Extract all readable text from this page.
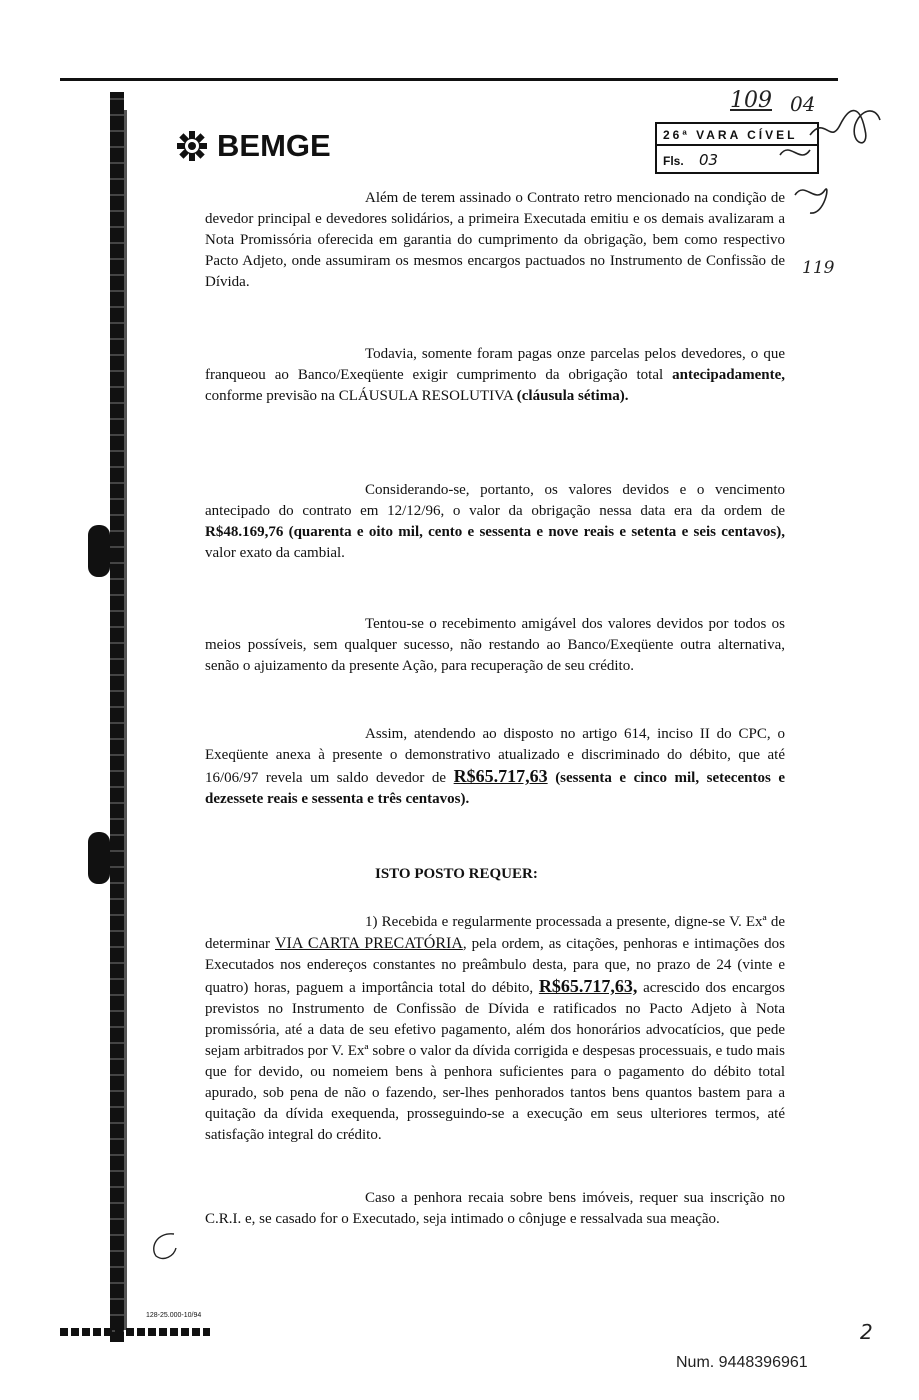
BEMGE	26ª VARA CÍVEL
Fls. 03
109 04
119
2
Além de terem assinado o Contrato retro mencionado na condição de devedor principal e devedores solidários, a primeira Executada emitiu e os demais avalizaram a Nota Promissória oferecida em garantia do cumprimento da obrigação, bem como respectivo Pacto Adjeto, onde assumiram os mesmos encargos pactuados no Instrumento de Confissão de Dívida.
Todavia, somente foram pagas onze parcelas pelos devedores, o que franqueou ao Banco/Exeqüente exigir cumprimento da obrigação total antecipadamente, conforme previsão na CLÁUSULA RESOLUTIVA (cláusula sétima).
Considerando-se, portanto, os valores devidos e o vencimento antecipado do contrato em 12/12/96, o valor da obrigação nessa data era da ordem de R$48.169,76 (quarenta e oito mil, cento e sessenta e nove reais e setenta e seis centavos), valor exato da cambial.
Tentou-se o recebimento amigável dos valores devidos por todos os meios possíveis, sem qualquer sucesso, não restando ao Banco/Exeqüente outra alternativa, senão o ajuizamento da presente Ação, para recuperação de seu crédito.
Assim, atendendo ao disposto no artigo 614, inciso II do CPC, o Exeqüente anexa à presente o demonstrativo atualizado e discriminado do débito, que até 16/06/97 revela um saldo devedor de R$65.717,63 (sessenta e cinco mil, setecentos e dezessete reais e sessenta e três centavos).
ISTO POSTO REQUER:
1) Recebida e regularmente processada a presente, digne-se V. Exª de determinar VIA CARTA PRECATÓRIA, pela ordem, as citações, penhoras e intimações dos Executados nos endereços constantes no preâmbulo desta, para que, no prazo de 24 (vinte e quatro) horas, paguem a importância total do débito, R$65.717,63, acrescido dos encargos previstos no Instrumento de Confissão de Dívida e ratificados no Pacto Adjeto à Nota promissória, até a data de seu efetivo pagamento, além dos honorários advocatícios, que pede sejam arbitrados por V. Exª sobre o valor da dívida corrigida e despesas processuais, e tudo mais que for devido, ou nomeiem bens à penhora suficientes para o pagamento do débito total apurado, sob pena de não o fazendo, ser-lhes penhorados tantos bens quantos bastem para a quitação da dívida exequenda, prosseguindo-se a execução em seus ulteriores termos, até satisfação integral do crédito.
Caso a penhora recaia sobre bens imóveis, requer sua inscrição no C.R.I. e, se casado for o Executado, seja intimado o cônjuge e ressalvada sua meação.
128-25.000-10/94
Num. 9448396961
